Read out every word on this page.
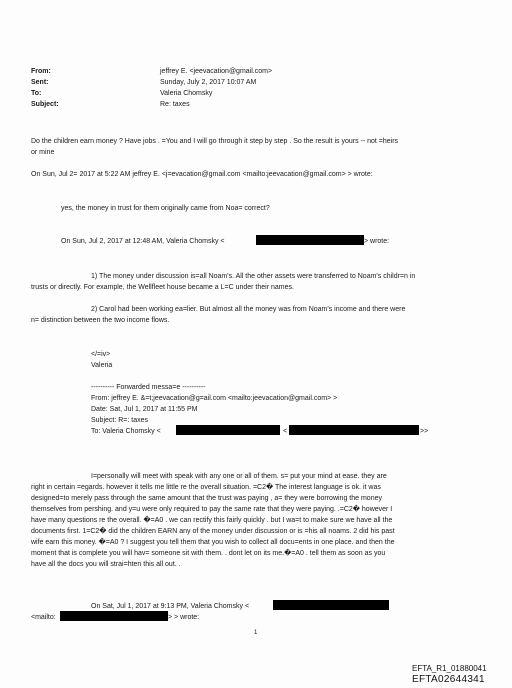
From:	jeffrey E. <jeevacation@gmail.com>
Sent:	Sunday, July 2, 2017 10:07 AM
To:	Valeria Chomsky
Subject:	Re: taxes
Do the children earn money ? Have jobs . =You and I will go through it step by step . So the result is yours -- not =heirs
or mine
On Sun, Jul 2= 2017 at 5:22 AM jeffrey E. <j=evacation@gmail.com <mailto:jeevacation@gmail.com> > wrote:
yes, the money in trust for them originally came from Noa= correct?
On Sun, Jul 2, 2017 at 12:48 AM, Valeria Chomsky <	> wrote:
1) The money under discussion is=all Noam's. All the other assets were transferred to Noam's childr=n in
trusts or directly. For example, the Wellfleet house became a L=C under their names.
2) Carol had been working ea=lier. But almost all the money was from Noam's income and there were
n= distinction between the two income flows.
</=iv>
Valeria
---------- Forwarded messa=e ----------
From: jeffrey E. &=t;jeevacation@g=ail.com <mailto:jeevacation@gmail.com> >
Date: Sat, Jul 1, 2017 at 11:55 PM
Subject: R=: taxes
To: Valeria Chomsky <	<	>>
I=personally will meet with speak with any one or all of them. s= put your mind at ease. they are
right in certain =egards. however it tells me little re the overall situation. =C2� The interest language is ok. it was
designed=to merely pass through the same amount that the trust was paying , a= they were borrowing the money
themselves from pershing. and y=u were only required to pay the same rate that they were paying. .=C2� however I
have many questions re the overall. �=A0 . we can rectify this fairly quickly . but I wa=t to make sure we have all the
documents first. 1=C2� did the children EARN any of the money under discussion or is =his all noams. 2 did his past
wife earn this money. �=A0 ? I suggest you tell them that you wish to collect all docu=ents in one place. and then the
moment that is complete you will hav= someone sit with them. . dont let on its me.�=A0 . tell them as soon as you
have all the docs you will strai=hten this all out. .
On Sat, Jul 1, 2017 at 9:13 PM, Valeria Chomsky <
<mailto:	> > wrote:
1
EFTA_R1_01880041
EFTA02644341
